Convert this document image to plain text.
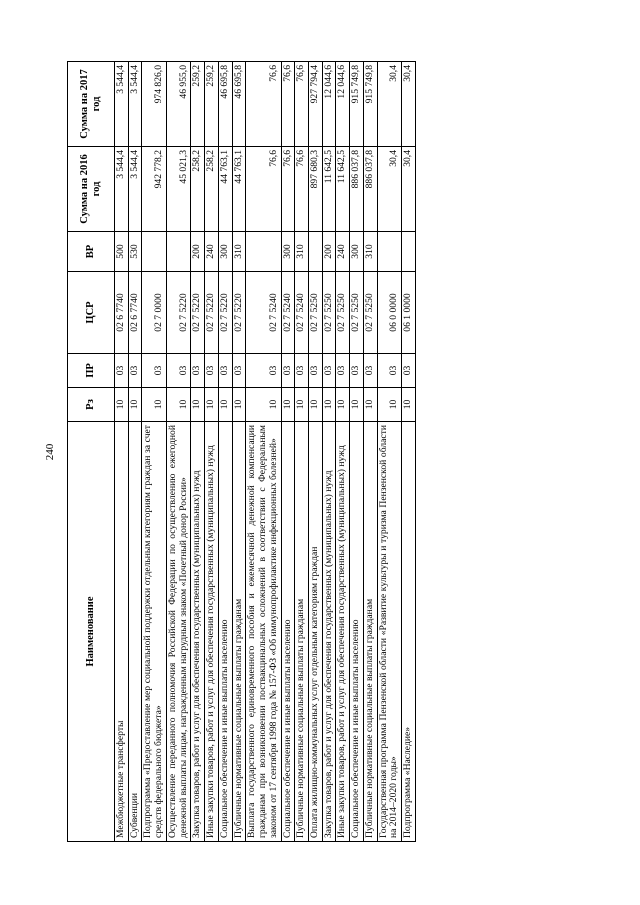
240
Наименование	Рз	ПР	ЦСР	ВР	Сумма на 2016 год	Сумма на 2017 год
Межбюджетные трансферты	10	03	02 6 7740	500	3 544,4	3 544,4
Субвенции	10	03	02 6 7740	530	3 544,4	3 544,4
Подпрограмма «Предоставление мер социальной поддержки отдельным категориям граждан за счет средств федерального бюджета»	10	03	02 7 0000		942 778,2	974 826,0
Осуществление переданного полномочия Российской Федерации по осуществлению ежегодной денежной выплаты лицам, награжденным нагрудным знаком «Почетный донор России»	10	03	02 7 5220		45 021,3	46 955,0
Закупка товаров, работ и услуг для обеспечения государственных (муниципальных) нужд	10	03	02 7 5220	200	258,2	259,2
Иные закупки товаров, работ и услуг для обеспечения государственных (муниципальных) нужд	10	03	02 7 5220	240	258,2	259,2
Социальное обеспечение и иные выплаты населению	10	03	02 7 5220	300	44 763,1	46 695,8
Публичные нормативные социальные выплаты гражданам	10	03	02 7 5220	310	44 763,1	46 695,8
Выплата государственного единовременного пособия и ежемесячной денежной компенсации гражданам при возникновении поствакцинальных осложнений в соответствии с Федеральным законом от 17 сентября 1998 года № 157-ФЗ «Об иммунопрофилактике инфекционных болезней»	10	03	02 7 5240		76,6	76,6
Социальное обеспечение и иные выплаты населению	10	03	02 7 5240	300	76,6	76,6
Публичные нормативные социальные выплаты гражданам	10	03	02 7 5240	310	76,6	76,6
Оплата жилищно-коммунальных услуг отдельным категориям граждан	10	03	02 7 5250		897 680,3	927 794,4
Закупка товаров, работ и услуг для обеспечения государственных (муниципальных) нужд	10	03	02 7 5250	200	11 642,5	12 044,6
Иные закупки товаров, работ и услуг для обеспечения государственных (муниципальных) нужд	10	03	02 7 5250	240	11 642,5	12 044,6
Социальное обеспечение и иные выплаты населению	10	03	02 7 5250	300	886 037,8	915 749,8
Публичные нормативные социальные выплаты гражданам	10	03	02 7 5250	310	886 037,8	915 749,8
Государственная программа Пензенской области «Развитие культуры и туризма Пензенской области на 2014–2020 годы»	10	03	06 0 0000		30,4	30,4
Подпрограмма «Наследие»	10	03	06 1 0000		30,4	30,4
